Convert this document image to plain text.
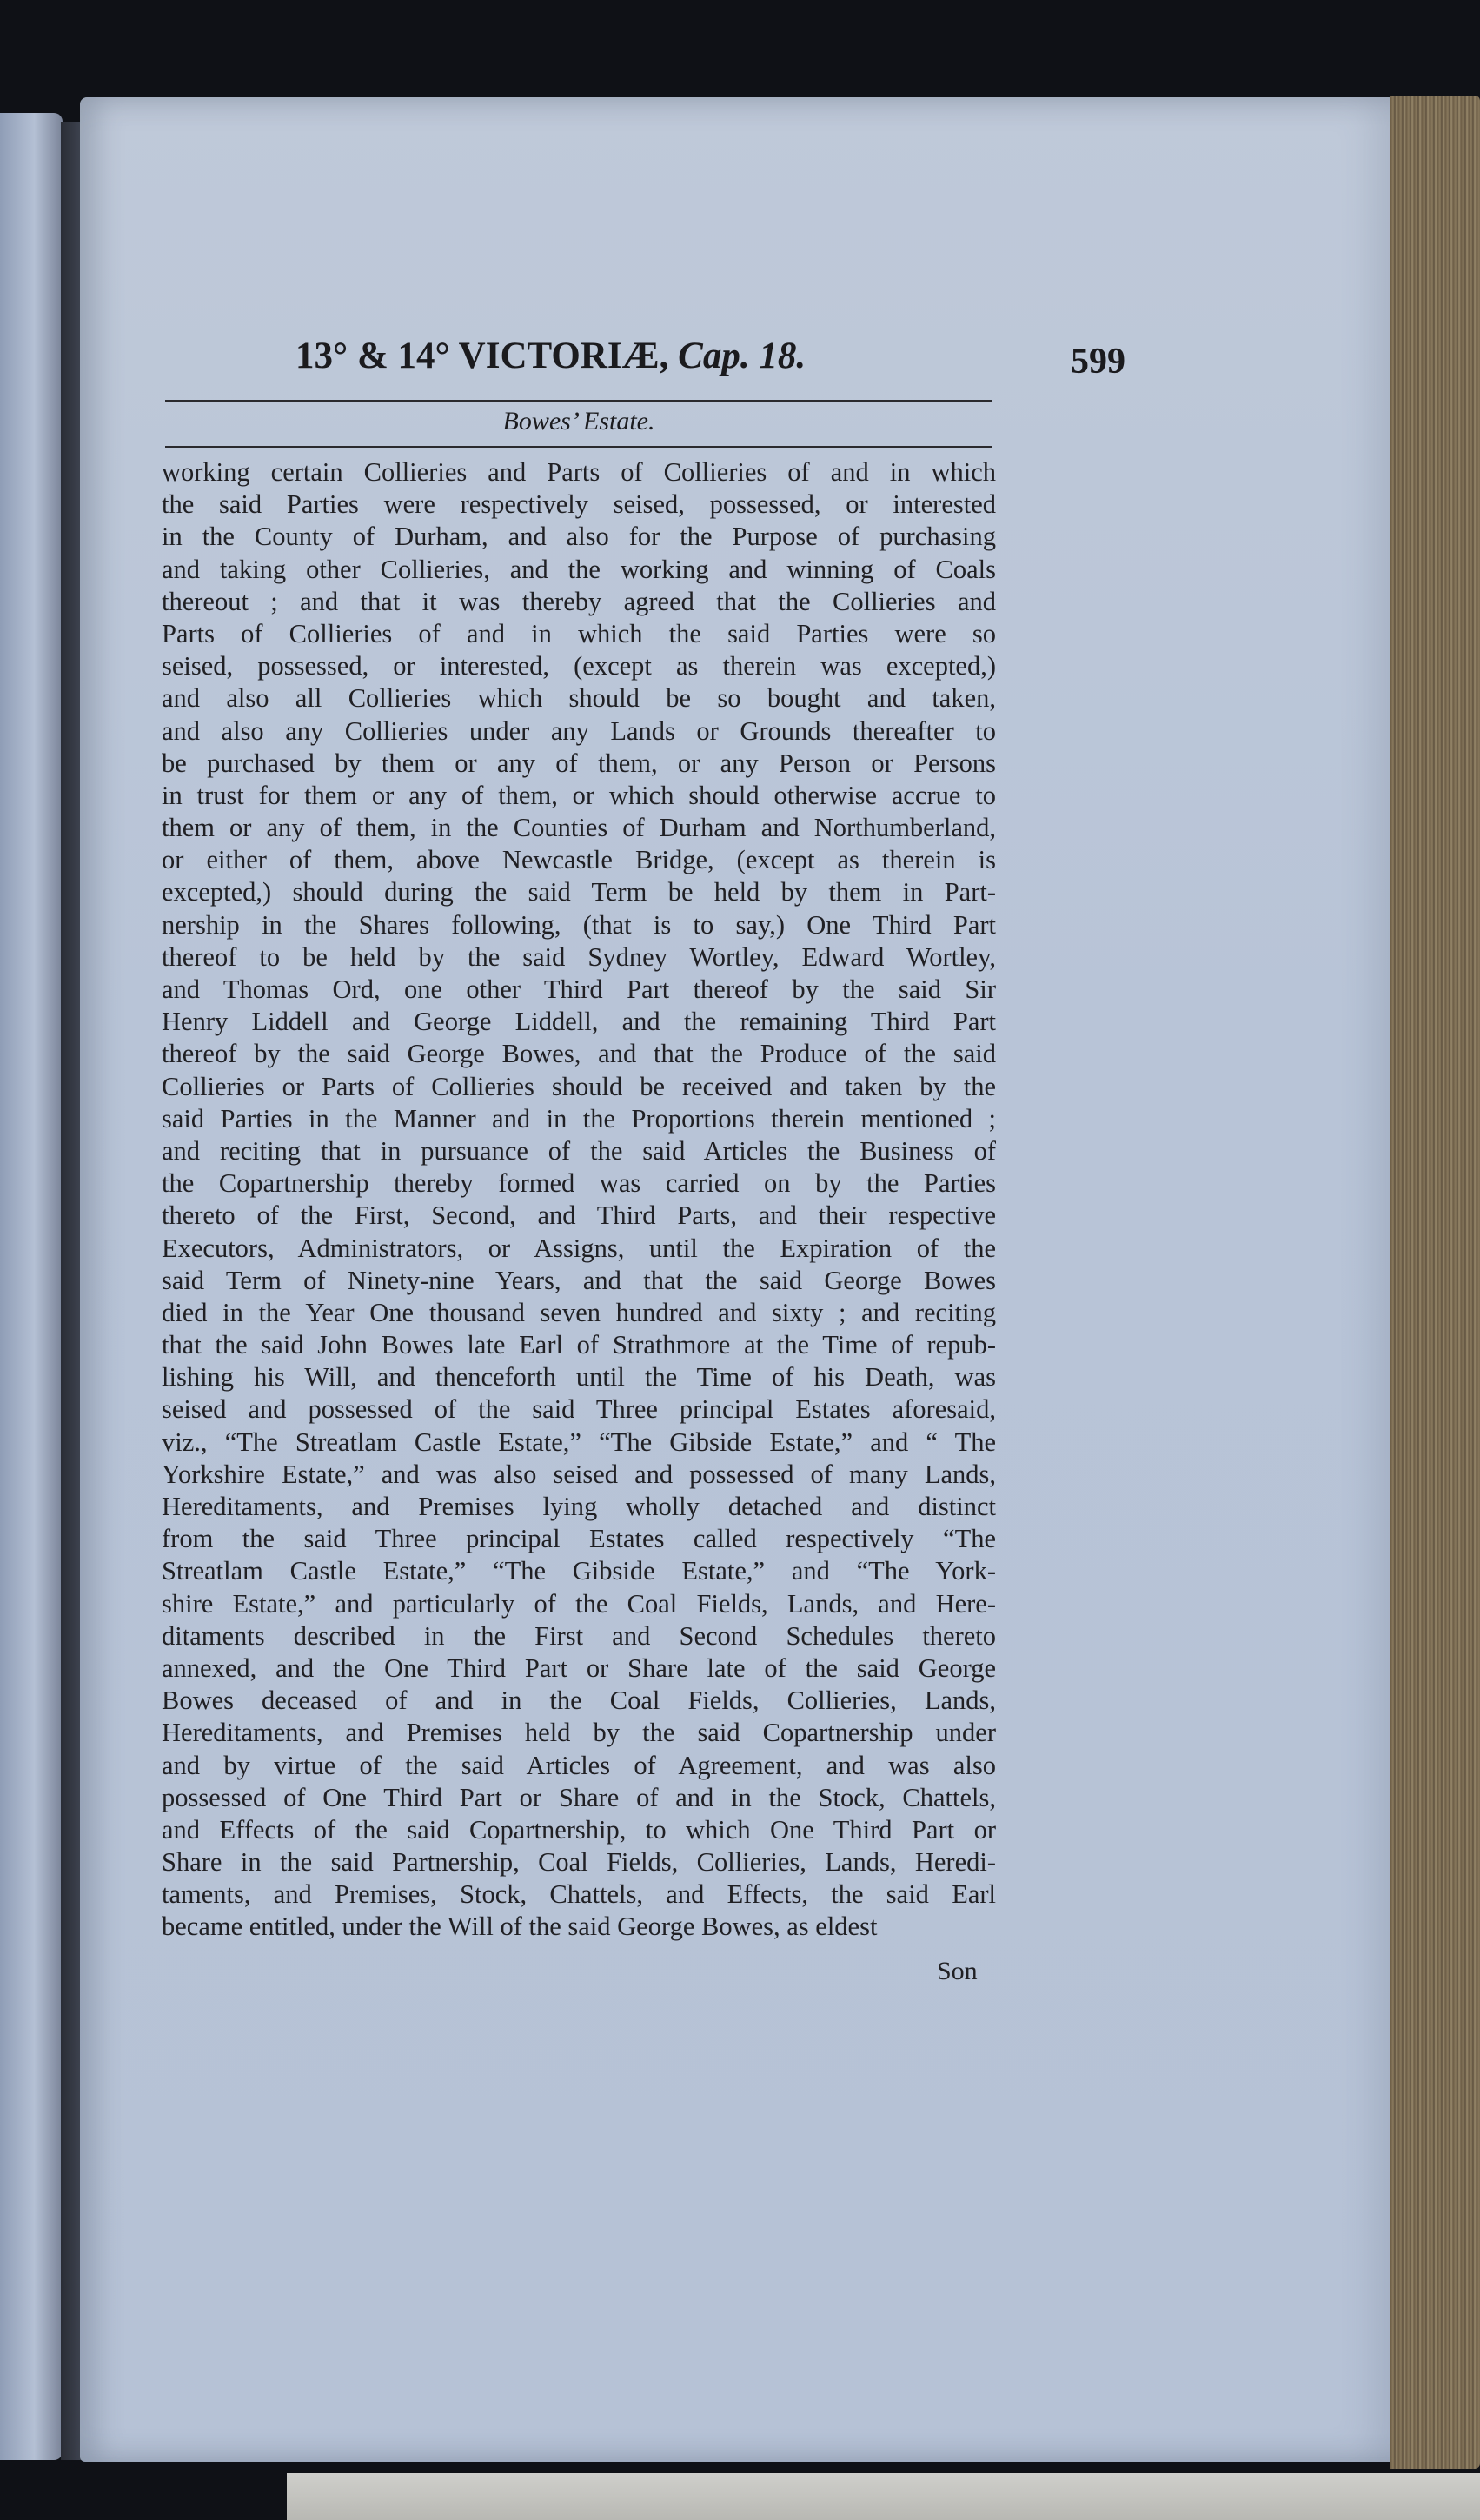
13° & 14° VICTORIÆ, Cap. 18.	599
Bowes’ Estate.
working certain Collieries and Parts of Collieries of and in which
the said Parties were respectively seised, possessed, or interested
in the County of Durham, and also for the Purpose of purchasing
and taking other Collieries, and the working and winning of Coals
thereout ; and that it was thereby agreed that the Collieries and
Parts of Collieries of and in which the said Parties were so
seised, possessed, or interested, (except as therein was excepted,)
and also all Collieries which should be so bought and taken,
and also any Collieries under any Lands or Grounds thereafter to
be purchased by them or any of them, or any Person or Persons
in trust for them or any of them, or which should otherwise accrue to
them or any of them, in the Counties of Durham and Northumberland,
or either of them, above Newcastle Bridge, (except as therein is
excepted,) should during the said Term be held by them in Part-
nership in the Shares following, (that is to say,) One Third Part
thereof to be held by the said Sydney Wortley, Edward Wortley,
and Thomas Ord, one other Third Part thereof by the said Sir
Henry Liddell and George Liddell, and the remaining Third Part
thereof by the said George Bowes, and that the Produce of the said
Collieries or Parts of Collieries should be received and taken by the
said Parties in the Manner and in the Proportions therein mentioned ;
and reciting that in pursuance of the said Articles the Business of
the Copartnership thereby formed was carried on by the Parties
thereto of the First, Second, and Third Parts, and their respective
Executors, Administrators, or Assigns, until the Expiration of the
said Term of Ninety-nine Years, and that the said George Bowes
died in the Year One thousand seven hundred and sixty ; and reciting
that the said John Bowes late Earl of Strathmore at the Time of repub-
lishing his Will, and thenceforth until the Time of his Death, was
seised and possessed of the said Three principal Estates aforesaid,
viz., “The Streatlam Castle Estate,” “The Gibside Estate,” and “ The
Yorkshire Estate,” and was also seised and possessed of many Lands,
Hereditaments, and Premises lying wholly detached and distinct
from the said Three principal Estates called respectively “The
Streatlam Castle Estate,” “The Gibside Estate,” and “The York-
shire Estate,” and particularly of the Coal Fields, Lands, and Here-
ditaments described in the First and Second Schedules thereto
annexed, and the One Third Part or Share late of the said George
Bowes deceased of and in the Coal Fields, Collieries, Lands,
Hereditaments, and Premises held by the said Copartnership under
and by virtue of the said Articles of Agreement, and was also
possessed of One Third Part or Share of and in the Stock, Chattels,
and Effects of the said Copartnership, to which One Third Part or
Share in the said Partnership, Coal Fields, Collieries, Lands, Heredi-
taments, and Premises, Stock, Chattels, and Effects, the said Earl
became entitled, under the Will of the said George Bowes, as eldest
Son
